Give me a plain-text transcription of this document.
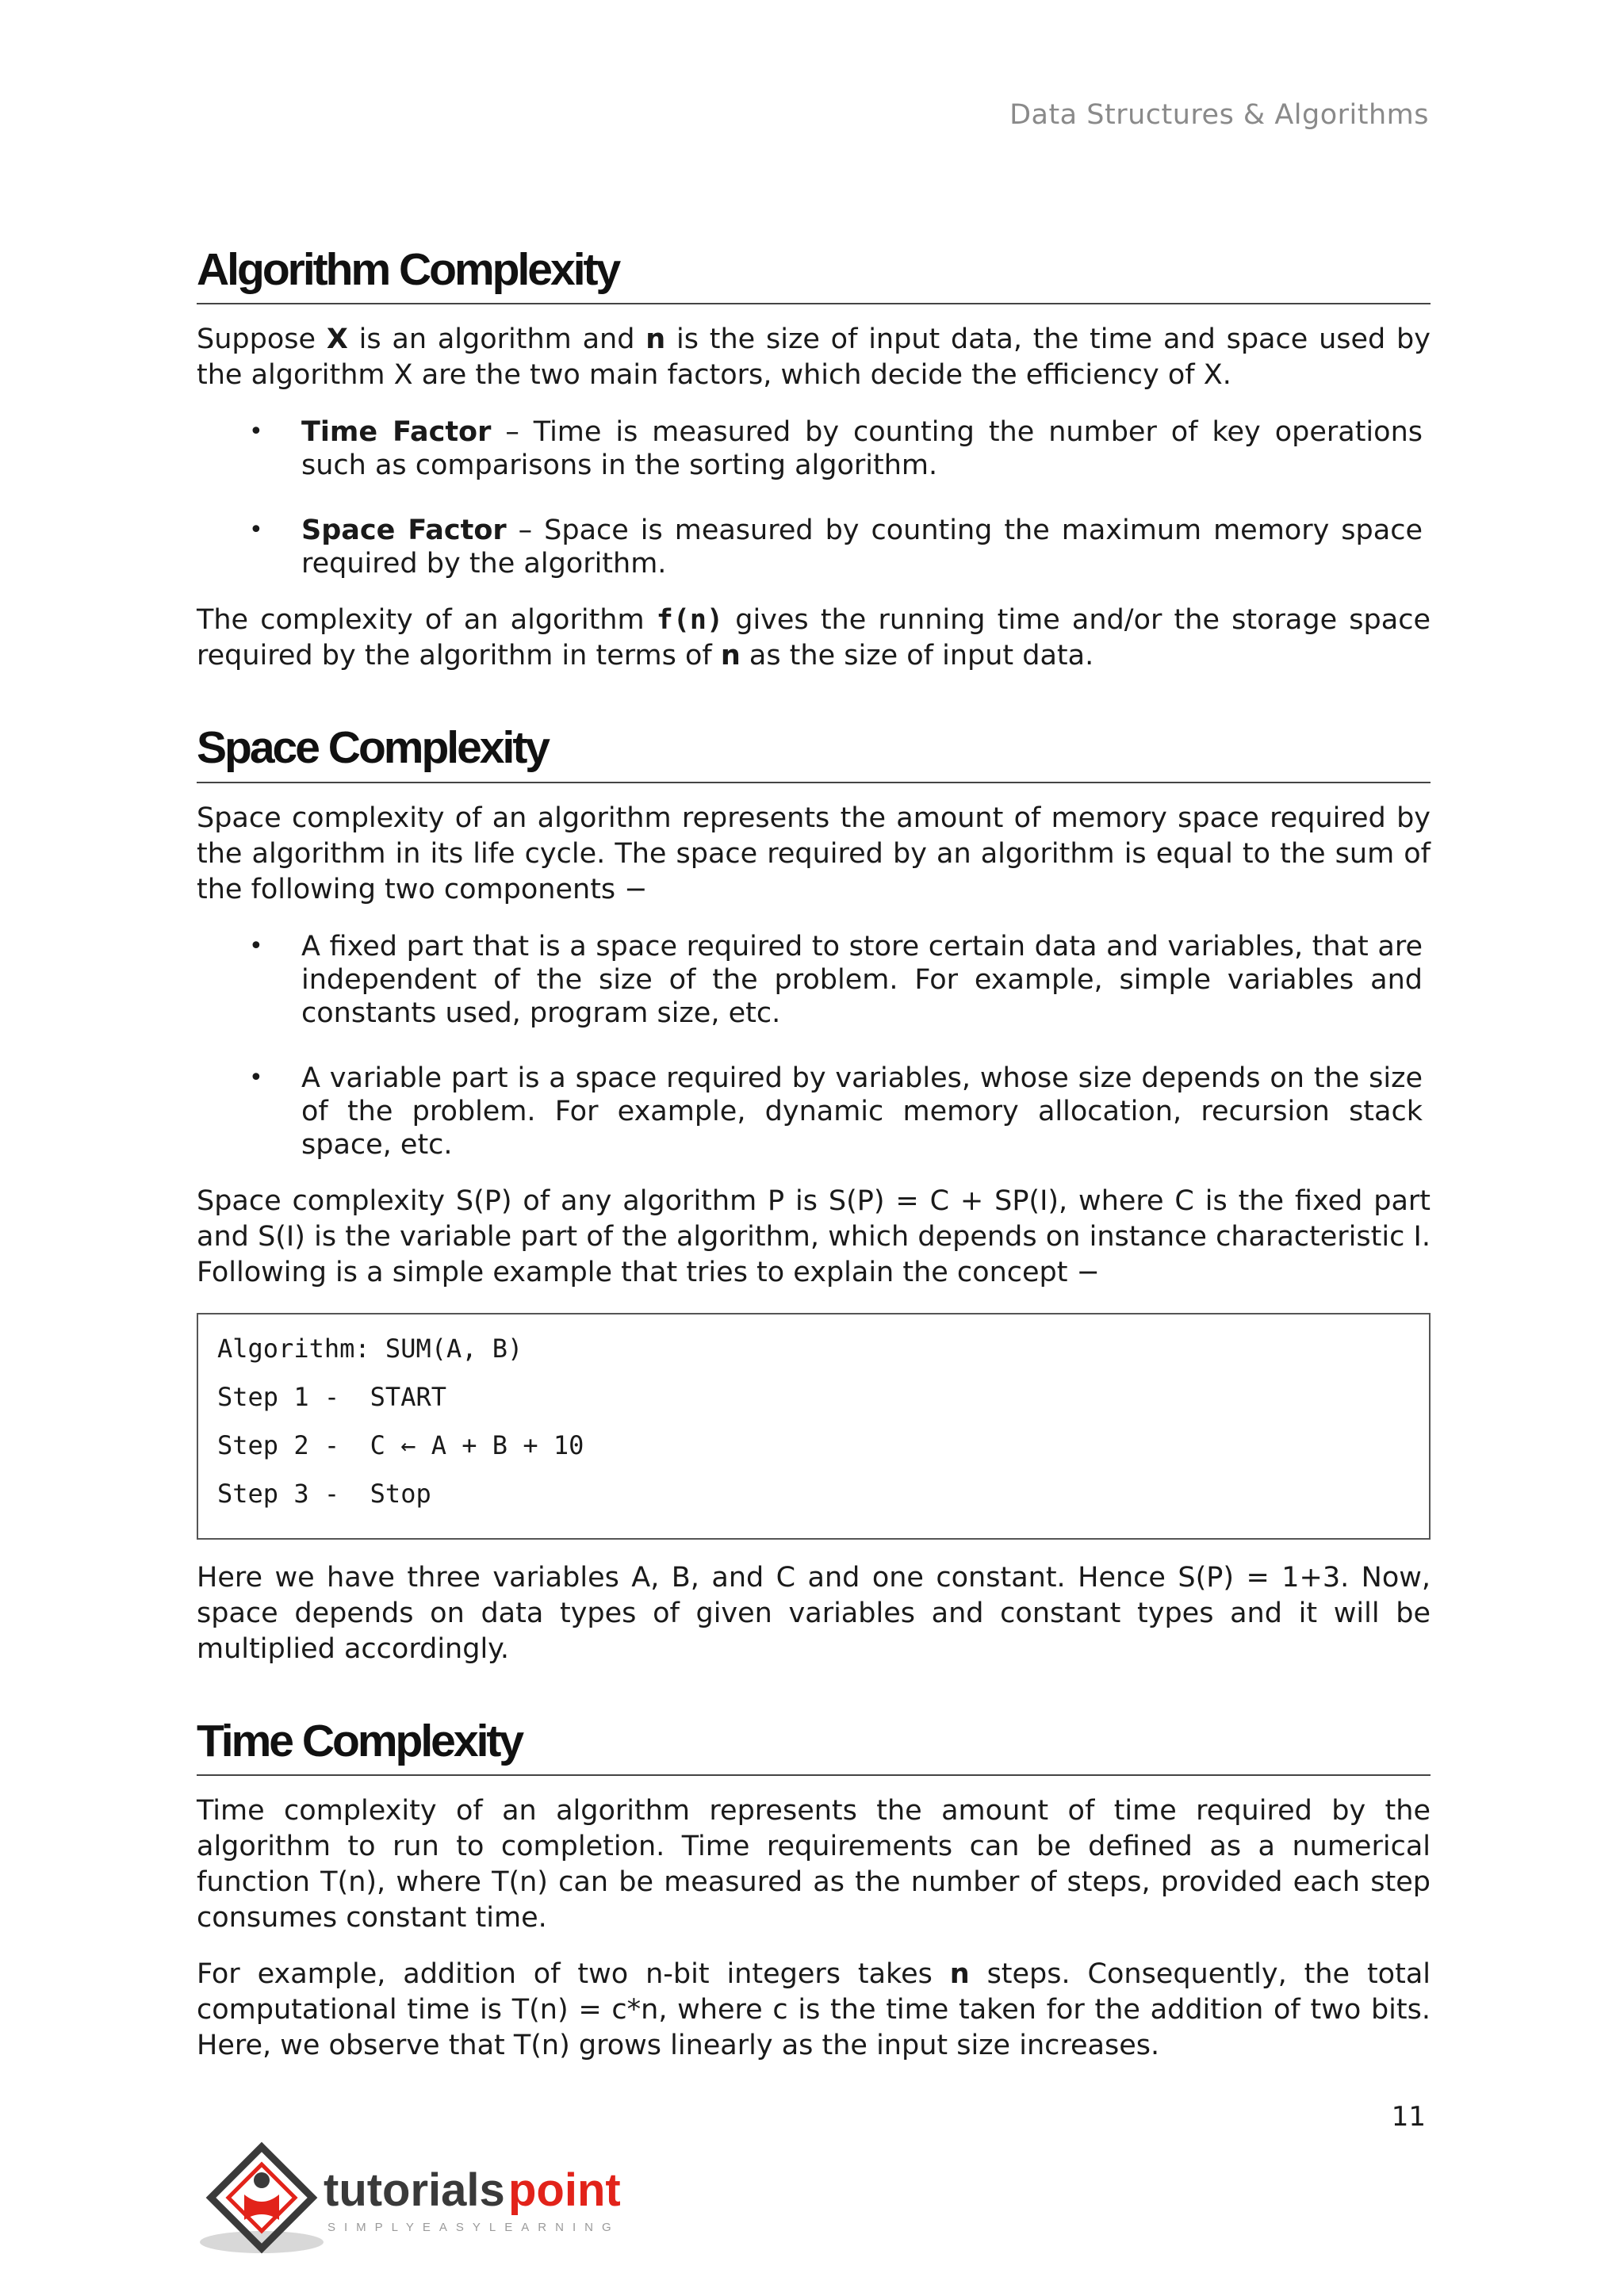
Data Structures & Algorithms
Algorithm Complexity

Suppose X is an algorithm and n is the size of input data, the time and space used by the algorithm X are the two main factors, which decide the efficiency of X.

• Time Factor – Time is measured by counting the number of key operations such as comparisons in the sorting algorithm.
• Space Factor – Space is measured by counting the maximum memory space required by the algorithm.

The complexity of an algorithm f(n) gives the running time and/or the storage space required by the algorithm in terms of n as the size of input data.

Space Complexity

Space complexity of an algorithm represents the amount of memory space required by the algorithm in its life cycle. The space required by an algorithm is equal to the sum of the following two components −

• A fixed part that is a space required to store certain data and variables, that are independent of the size of the problem. For example, simple variables and constants used, program size, etc.
• A variable part is a space required by variables, whose size depends on the size of the problem. For example, dynamic memory allocation, recursion stack space, etc.

Space complexity S(P) of any algorithm P is S(P) = C + SP(I), where C is the fixed part and S(I) is the variable part of the algorithm, which depends on instance characteristic I. Following is a simple example that tries to explain the concept −

Algorithm: SUM(A, B)
Step 1 -  START
Step 2 -  C ← A + B + 10
Step 3 -  Stop

Here we have three variables A, B, and C and one constant. Hence S(P) = 1+3. Now, space depends on data types of given variables and constant types and it will be multiplied accordingly.

Time Complexity

Time complexity of an algorithm represents the amount of time required by the algorithm to run to completion. Time requirements can be defined as a numerical function T(n), where T(n) can be measured as the number of steps, provided each step consumes constant time.

For example, addition of two n-bit integers takes n steps. Consequently, the total computational time is T(n) = c*n, where c is the time taken for the addition of two bits. Here, we observe that T(n) grows linearly as the input size increases.

11
tutorials point
SIMPLYEASYLEARNING
